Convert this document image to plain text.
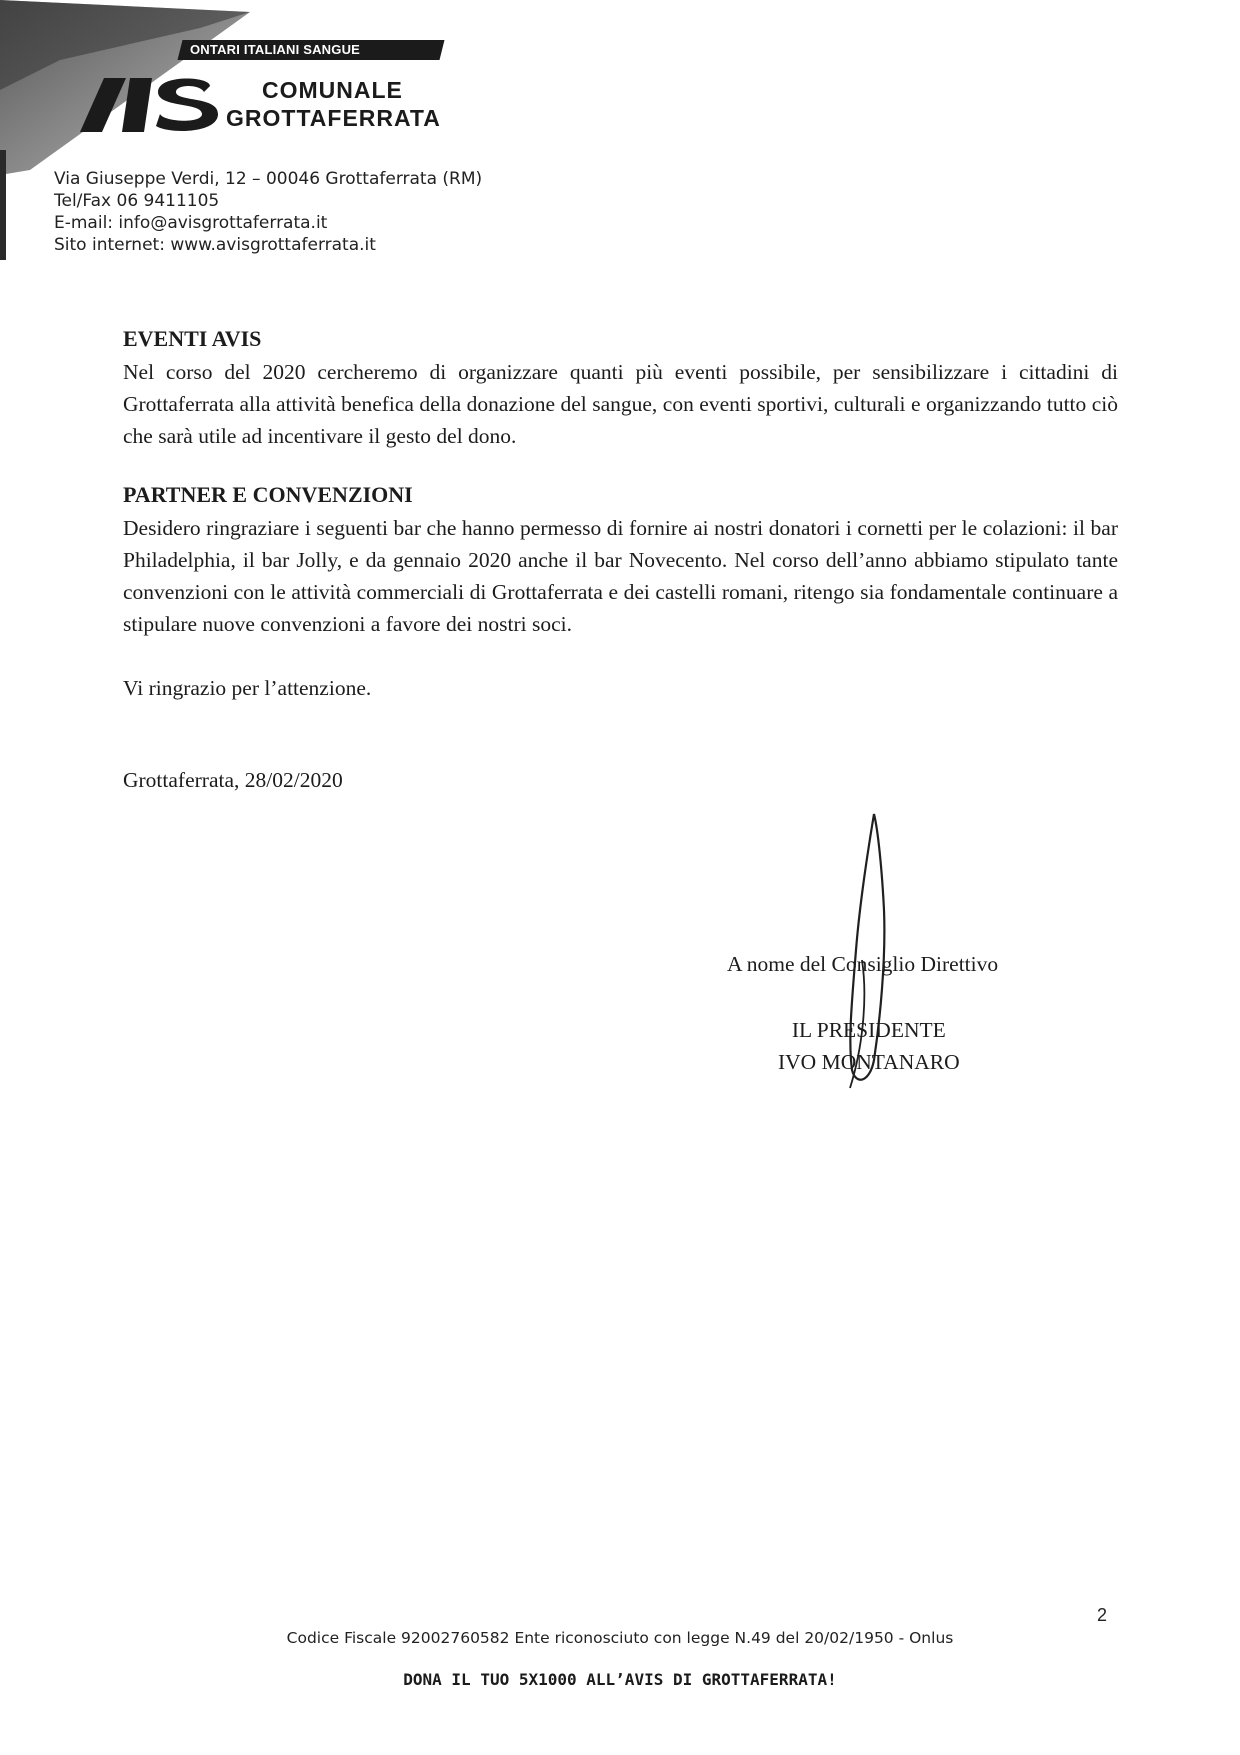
ONTARI ITALIANI SANGUE
COMUNALE
GROTTAFERRATA
Via Giuseppe Verdi, 12 – 00046 Grottaferrata (RM)
Tel/Fax 06 9411105
E-mail: info@avisgrottaferrata.it
Sito internet: www.avisgrottaferrata.it

EVENTI AVIS

Nel corso del 2020 cercheremo di organizzare quanti più eventi possibile, per sensibilizzare i cittadini di Grottaferrata alla attività benefica della donazione del sangue, con eventi sportivi, culturali e organizzando tutto ciò che sarà utile ad incentivare il gesto del dono.

PARTNER E CONVENZIONI

Desidero ringraziare i seguenti bar che hanno permesso di fornire ai nostri donatori i cornetti per le colazioni: il bar Philadelphia, il bar Jolly, e da gennaio 2020 anche il bar Novecento. Nel corso dell’anno abbiamo stipulato tante convenzioni con le attività commerciali di Grottaferrata e dei castelli romani, ritengo sia fondamentale continuare a stipulare nuove convenzioni a favore dei nostri soci.

Vi ringrazio per l’attenzione.

Grottaferrata, 28/02/2020

A nome del Consiglio Direttivo
IL PRESIDENTE
IVO MONTANARO
2
Codice Fiscale 92002760582 Ente riconosciuto con legge N.49 del 20/02/1950 - Onlus
DONA IL TUO 5X1000 ALL’AVIS DI GROTTAFERRATA!
